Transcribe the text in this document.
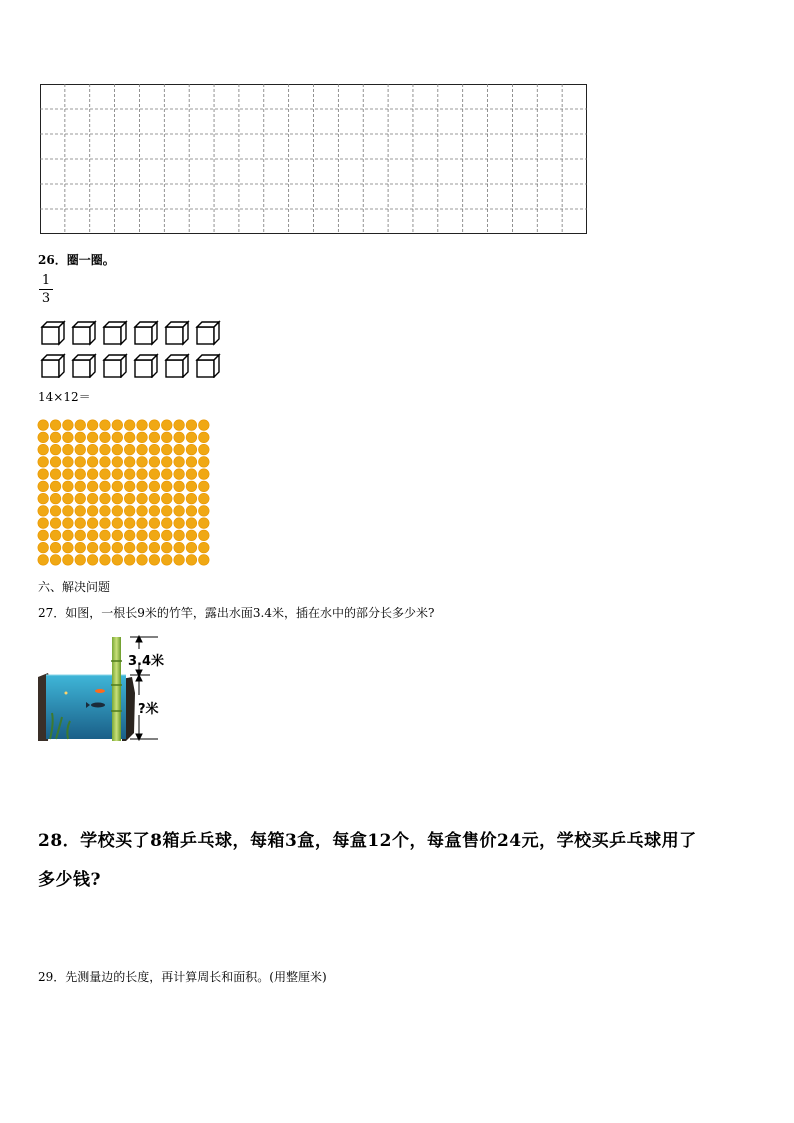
26．圈一圈。
1
3
14×12＝
六、解决问题
27．如图，一根长9米的竹竿，露出水面3.4米，插在水中的部分长多少米?
3.4米
?米
28．学校买了8箱乒乓球，每箱3盒，每盒12个，每盒售价24元，学校买乒乓球用了
多少钱?
29．先测量边的长度，再计算周长和面积。(用整厘米)
